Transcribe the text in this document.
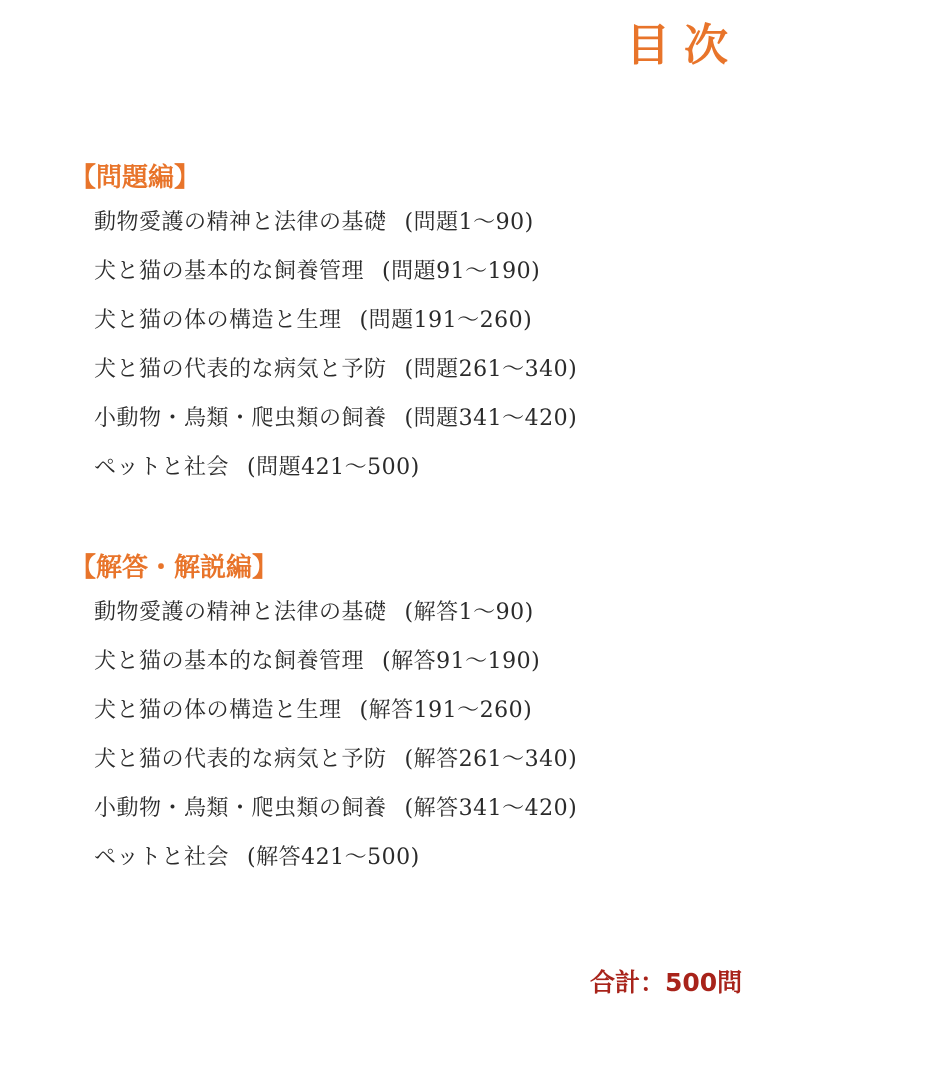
目次
【問題編】
動物愛護の精神と法律の基礎 (問題1〜90)
犬と猫の基本的な飼養管理 (問題91〜190)
犬と猫の体の構造と生理 (問題191〜260)
犬と猫の代表的な病気と予防 (問題261〜340)
小動物・鳥類・爬虫類の飼養 (問題341〜420)
ペットと社会 (問題421〜500)
【解答・解説編】
動物愛護の精神と法律の基礎 (解答1〜90)
犬と猫の基本的な飼養管理 (解答91〜190)
犬と猫の体の構造と生理 (解答191〜260)
犬と猫の代表的な病気と予防 (解答261〜340)
小動物・鳥類・爬虫類の飼養 (解答341〜420)
ペットと社会 (解答421〜500)
合計：500問
